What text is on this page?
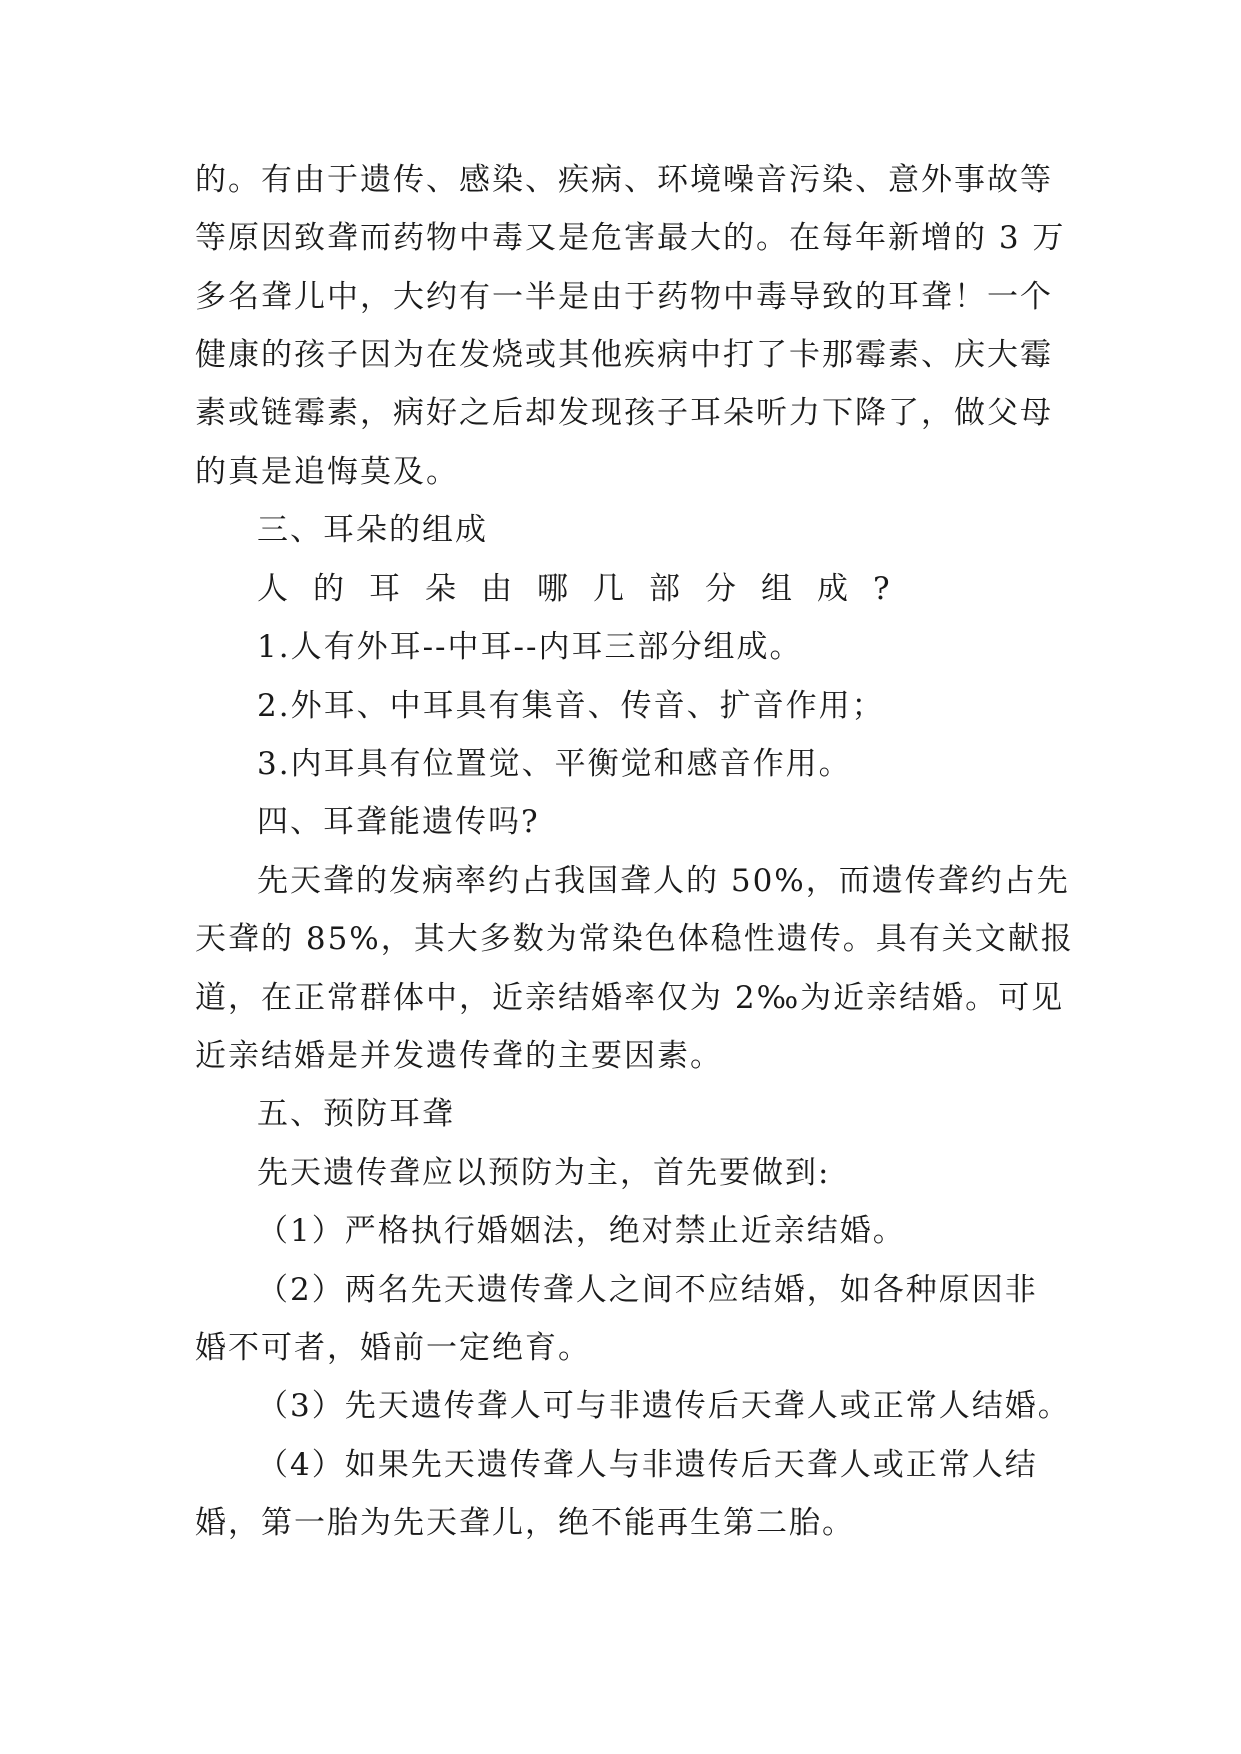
的。有由于遗传、感染、疾病、环境噪音污染、意外事故等
等原因致聋而药物中毒又是危害最大的。在每年新增的 3 万
多名聋儿中，大约有一半是由于药物中毒导致的耳聋！一个
健康的孩子因为在发烧或其他疾病中打了卡那霉素、庆大霉
素或链霉素，病好之后却发现孩子耳朵听力下降了，做父母
的真是追悔莫及。
三、耳朵的组成
人的耳朵由哪几部分组成?
1.人有外耳--中耳--内耳三部分组成。
2.外耳、中耳具有集音、传音、扩音作用；
3.内耳具有位置觉、平衡觉和感音作用。
四、耳聋能遗传吗?
先天聋的发病率约占我国聋人的 50%，而遗传聋约占先
天聋的 85%，其大多数为常染色体稳性遗传。具有关文献报
道，在正常群体中，近亲结婚率仅为 2‰为近亲结婚。可见
近亲结婚是并发遗传聋的主要因素。
五、预防耳聋
先天遗传聋应以预防为主，首先要做到:
（1）严格执行婚姻法，绝对禁止近亲结婚。
（2）两名先天遗传聋人之间不应结婚，如各种原因非
婚不可者，婚前一定绝育。
（3）先天遗传聋人可与非遗传后天聋人或正常人结婚。
（4）如果先天遗传聋人与非遗传后天聋人或正常人结
婚，第一胎为先天聋儿，绝不能再生第二胎。
